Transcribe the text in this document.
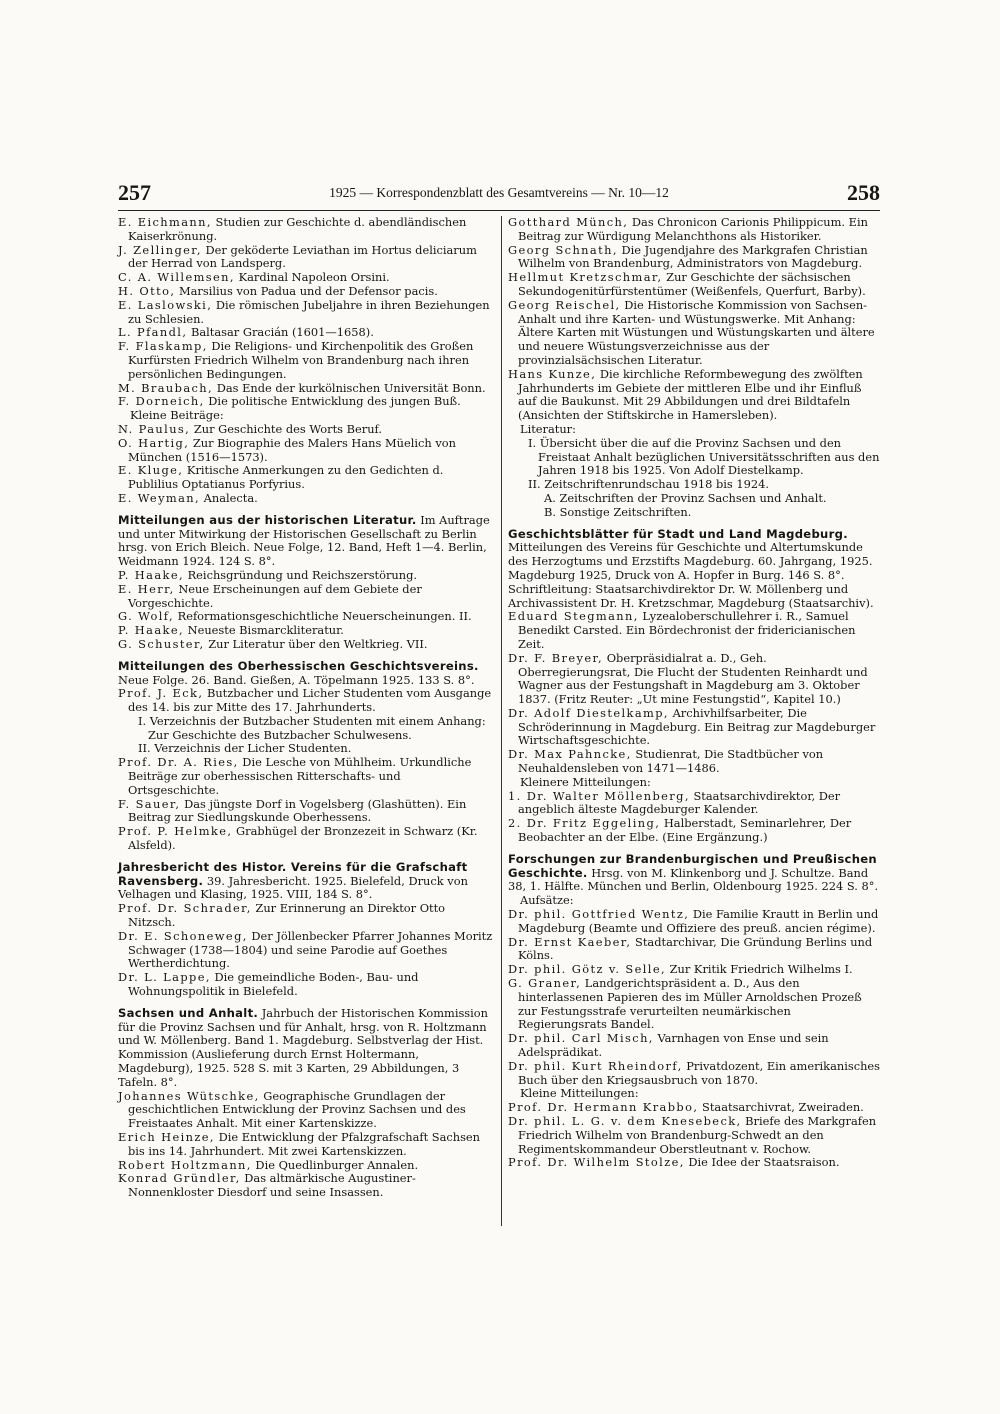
257	1925 — Korrespondenzblatt des Gesamtvereins — Nr. 10—12	258

E. Eichmann, Studien zur Geschichte d. abendländischen Kaiserkrönung.

J. Zellinger, Der geköderte Leviathan im Hortus deliciarum der Herrad von Landsperg.

C. A. Willemsen, Kardinal Napoleon Orsini.

H. Otto, Marsilius von Padua und der Defensor pacis.

E. Laslowski, Die römischen Jubeljahre in ihren Beziehungen zu Schlesien.

L. Pfandl, Baltasar Gracián (1601—1658).

F. Flaskamp, Die Religions- und Kirchenpolitik des Großen Kurfürsten Friedrich Wilhelm von Brandenburg nach ihren persönlichen Bedingungen.

M. Braubach, Das Ende der kurkölnischen Universität Bonn.

F. Dorneich, Die politische Entwicklung des jungen Buß.

Kleine Beiträge:

N. Paulus, Zur Geschichte des Worts Beruf.

O. Hartig, Zur Biographie des Malers Hans Müelich von München (1516—1573).

E. Kluge, Kritische Anmerkungen zu den Gedichten d. Publilius Optatianus Porfyrius.

E. Weyman, Analecta.

Mitteilungen aus der historischen Literatur. Im Auftrage und unter Mitwirkung der Historischen Gesellschaft zu Berlin hrsg. von Erich Bleich. Neue Folge, 12. Band, Heft 1—4. Berlin, Weidmann 1924. 124 S. 8°.

P. Haake, Reichsgründung und Reichszerstörung.

E. Herr, Neue Erscheinungen auf dem Gebiete der Vorgeschichte.

G. Wolf, Reformationsgeschichtliche Neuerscheinungen. II.

P. Haake, Neueste Bismarckliteratur.

G. Schuster, Zur Literatur über den Weltkrieg. VII.

Mitteilungen des Oberhessischen Geschichtsvereins. Neue Folge. 26. Band. Gießen, A. Töpelmann 1925. 133 S. 8°.

Prof. J. Eck, Butzbacher und Licher Studenten vom Ausgange des 14. bis zur Mitte des 17. Jahrhunderts.

I. Verzeichnis der Butzbacher Studenten mit einem Anhang: Zur Geschichte des Butzbacher Schulwesens.

II. Verzeichnis der Licher Studenten.

Prof. Dr. A. Ries, Die Lesche von Mühlheim. Urkundliche Beiträge zur oberhessischen Ritterschafts- und Ortsgeschichte.

F. Sauer, Das jüngste Dorf in Vogelsberg (Glashütten). Ein Beitrag zur Siedlungskunde Oberhessens.

Prof. P. Helmke, Grabhügel der Bronzezeit in Schwarz (Kr. Alsfeld).

Jahresbericht des Histor. Vereins für die Grafschaft Ravensberg. 39. Jahresbericht. 1925. Bielefeld, Druck von Velhagen und Klasing, 1925. VIII, 184 S. 8°.

Prof. Dr. Schrader, Zur Erinnerung an Direktor Otto Nitzsch.

Dr. E. Schoneweg, Der Jöllenbecker Pfarrer Johannes Moritz Schwager (1738—1804) und seine Parodie auf Goethes Wertherdichtung.

Dr. L. Lappe, Die gemeindliche Boden-, Bau- und Wohnungspolitik in Bielefeld.

Sachsen und Anhalt. Jahrbuch der Historischen Kommission für die Provinz Sachsen und für Anhalt, hrsg. von R. Holtzmann und W. Möllenberg. Band 1. Magdeburg. Selbstverlag der Hist. Kommission (Auslieferung durch Ernst Holtermann, Magdeburg), 1925. 528 S. mit 3 Karten, 29 Abbildungen, 3 Tafeln. 8°.

Johannes Wütschke, Geographische Grundlagen der geschichtlichen Entwicklung der Provinz Sachsen und des Freistaates Anhalt. Mit einer Kartenskizze.

Erich Heinze, Die Entwicklung der Pfalzgrafschaft Sachsen bis ins 14. Jahrhundert. Mit zwei Kartenskizzen.

Robert Holtzmann, Die Quedlinburger Annalen.

Konrad Gründler, Das altmärkische Augustiner-Nonnenkloster Diesdorf und seine Insassen.

Gotthard Münch, Das Chronicon Carionis Philippicum. Ein Beitrag zur Würdigung Melanchthons als Historiker.

Georg Schnath, Die Jugendjahre des Markgrafen Christian Wilhelm von Brandenburg, Administrators von Magdeburg.

Hellmut Kretzschmar, Zur Geschichte der sächsischen Sekundogenitürfürstentümer (Weißenfels, Querfurt, Barby).

Georg Reischel, Die Historische Kommission von Sachsen-Anhalt und ihre Karten- und Wüstungswerke. Mit Anhang: Ältere Karten mit Wüstungen und Wüstungskarten und ältere und neuere Wüstungsverzeichnisse aus der provinzialsächsischen Literatur.

Hans Kunze, Die kirchliche Reformbewegung des zwölften Jahrhunderts im Gebiete der mittleren Elbe und ihr Einfluß auf die Baukunst. Mit 29 Abbildungen und drei Bildtafeln (Ansichten der Stiftskirche in Hamersleben).

Literatur:

I. Übersicht über die auf die Provinz Sachsen und den Freistaat Anhalt bezüglichen Universitätsschriften aus den Jahren 1918 bis 1925. Von Adolf Diestelkamp.

II. Zeitschriftenrundschau 1918 bis 1924.

A. Zeitschriften der Provinz Sachsen und Anhalt.

B. Sonstige Zeitschriften.

Geschichtsblätter für Stadt und Land Magdeburg. Mitteilungen des Vereins für Geschichte und Altertumskunde des Herzogtums und Erzstifts Magdeburg. 60. Jahrgang, 1925. Magdeburg 1925, Druck von A. Hopfer in Burg. 146 S. 8°. Schriftleitung: Staatsarchivdirektor Dr. W. Möllenberg und Archivassistent Dr. H. Kretzschmar, Magdeburg (Staatsarchiv).

Eduard Stegmann, Lyzealoberschullehrer i. R., Samuel Benedikt Carsted. Ein Bördechronist der fridericianischen Zeit.

Dr. F. Breyer, Oberpräsidialrat a. D., Geh. Oberregierungsrat, Die Flucht der Studenten Reinhardt und Wagner aus der Festungshaft in Magdeburg am 3. Oktober 1837. (Fritz Reuter: „Ut mine Festungstid“, Kapitel 10.)

Dr. Adolf Diestelkamp, Archivhilfsarbeiter, Die Schröderinnung in Magdeburg. Ein Beitrag zur Magdeburger Wirtschaftsgeschichte.

Dr. Max Pahncke, Studienrat, Die Stadtbücher von Neuhaldensleben von 1471—1486.

Kleinere Mitteilungen:

1. Dr. Walter Möllenberg, Staatsarchivdirektor, Der angeblich älteste Magdeburger Kalender.

2. Dr. Fritz Eggeling, Halberstadt, Seminarlehrer, Der Beobachter an der Elbe. (Eine Ergänzung.)

Forschungen zur Brandenburgischen und Preußischen Geschichte. Hrsg. von M. Klinkenborg und J. Schultze. Band 38, 1. Hälfte. München und Berlin, Oldenbourg 1925. 224 S. 8°.

Aufsätze:

Dr. phil. Gottfried Wentz, Die Familie Krautt in Berlin und Magdeburg (Beamte und Offiziere des preuß. ancien régime).

Dr. Ernst Kaeber, Stadtarchivar, Die Gründung Berlins und Kölns.

Dr. phil. Götz v. Selle, Zur Kritik Friedrich Wilhelms I.

G. Graner, Landgerichtspräsident a. D., Aus den hinterlassenen Papieren des im Müller Arnoldschen Prozeß zur Festungsstrafe verurteilten neumärkischen Regierungsrats Bandel.

Dr. phil. Carl Misch, Varnhagen von Ense und sein Adelsprädikat.

Dr. phil. Kurt Rheindorf, Privatdozent, Ein amerikanisches Buch über den Kriegsausbruch von 1870.

Kleine Mitteilungen:

Prof. Dr. Hermann Krabbo, Staatsarchivrat, Zweiraden.

Dr. phil. L. G. v. dem Knesebeck, Briefe des Markgrafen Friedrich Wilhelm von Brandenburg-Schwedt an den Regimentskommandeur Oberstleutnant v. Rochow.

Prof. Dr. Wilhelm Stolze, Die Idee der Staatsraison.
